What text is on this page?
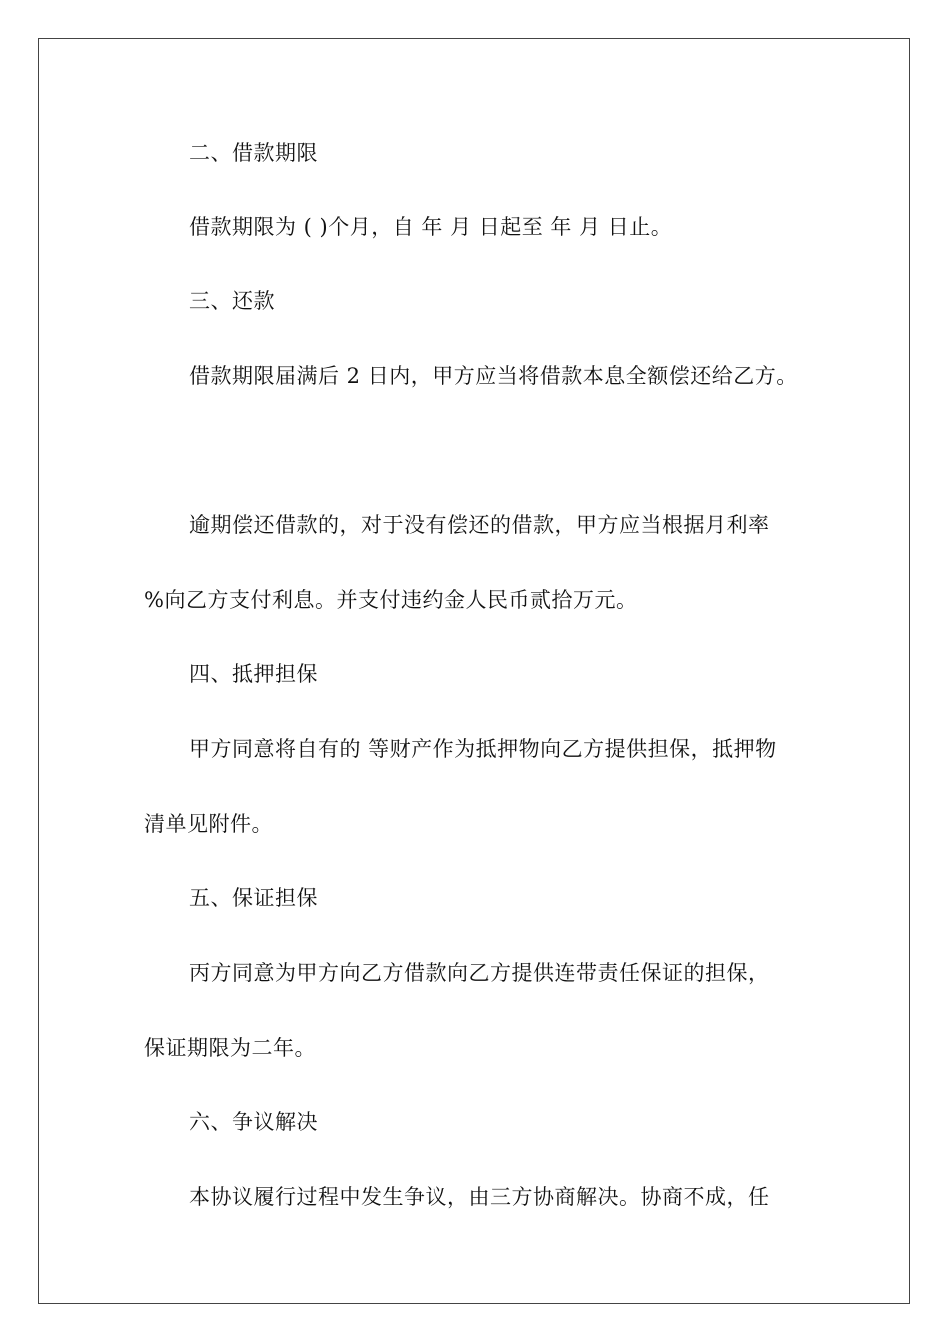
二、借款期限
借款期限为 ( )个月，自 年 月 日起至 年 月 日止。
三、还款
借款期限届满后 2 日内，甲方应当将借款本息全额偿还给乙方。
逾期偿还借款的，对于没有偿还的借款，甲方应当根据月利率
%向乙方支付利息。并支付违约金人民币贰拾万元。
四、抵押担保
甲方同意将自有的 等财产作为抵押物向乙方提供担保，抵押物
清单见附件。
五、保证担保
丙方同意为甲方向乙方借款向乙方提供连带责任保证的担保，
保证期限为二年。
六、争议解决
本协议履行过程中发生争议，由三方协商解决。协商不成，任
